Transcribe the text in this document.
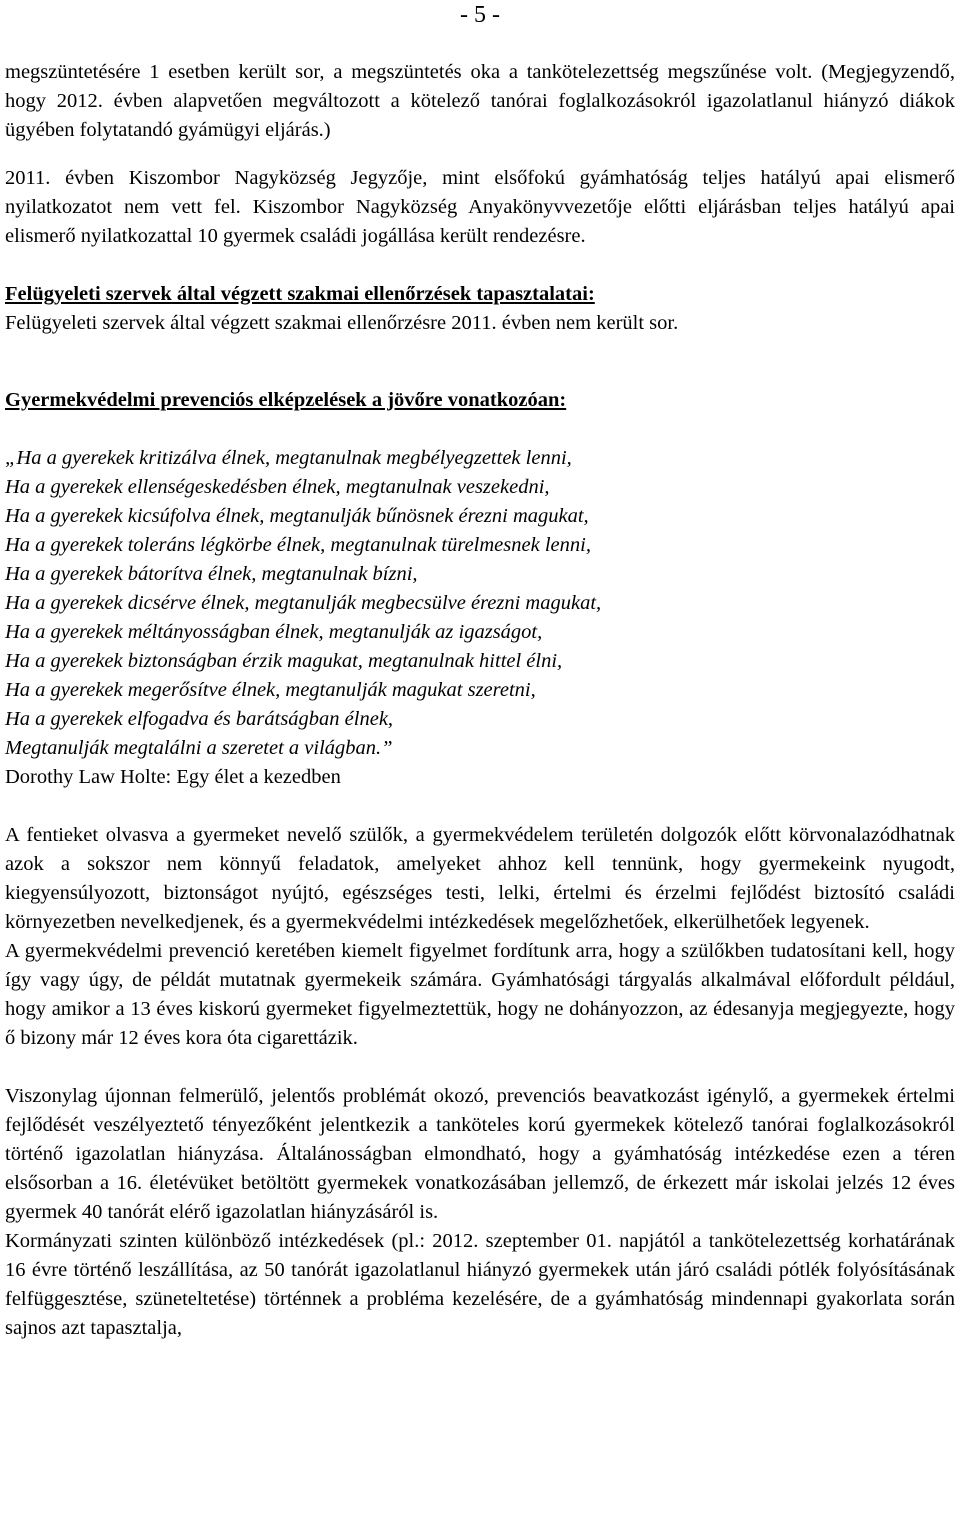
- 5 -

megszüntetésére 1 esetben került sor, a megszüntetés oka a tankötelezettség megszűnése volt. (Megjegyzendő, hogy 2012. évben alapvetően megváltozott a kötelező tanórai foglalkozásokról igazolatlanul hiányzó diákok ügyében folytatandó gyámügyi eljárás.)

2011. évben Kiszombor Nagyközség Jegyzője, mint elsőfokú gyámhatóság teljes hatályú apai elismerő nyilatkozatot nem vett fel. Kiszombor Nagyközség Anyakönyvvezetője előtti eljárásban teljes hatályú apai elismerő nyilatkozattal 10 gyermek családi jogállása került rendezésre.

Felügyeleti szervek által végzett szakmai ellenőrzések tapasztalatai:

Felügyeleti szervek által végzett szakmai ellenőrzésre 2011. évben nem került sor.

Gyermekvédelmi prevenciós elképzelések a jövőre vonatkozóan:

„Ha a gyerekek kritizálva élnek, megtanulnak megbélyegzettek lenni,

Ha a gyerekek ellenségeskedésben élnek, megtanulnak veszekedni,

Ha a gyerekek kicsúfolva élnek, megtanulják bűnösnek érezni magukat,

Ha a gyerekek toleráns légkörbe élnek, megtanulnak türelmesnek lenni,

Ha a gyerekek bátorítva élnek, megtanulnak bízni,

Ha a gyerekek dicsérve élnek, megtanulják megbecsülve érezni magukat,

Ha a gyerekek méltányosságban élnek, megtanulják az igazságot,

Ha a gyerekek biztonságban érzik magukat, megtanulnak hittel élni,

Ha a gyerekek megerősítve élnek, megtanulják magukat szeretni,

Ha a gyerekek elfogadva és barátságban élnek,

Megtanulják megtalálni a szeretet a világban.”

Dorothy Law Holte: Egy élet a kezedben

A fentieket olvasva a gyermeket nevelő szülők, a gyermekvédelem területén dolgozók előtt körvonalazódhatnak azok a sokszor nem könnyű feladatok, amelyeket ahhoz kell tennünk, hogy gyermekeink nyugodt, kiegyensúlyozott, biztonságot nyújtó, egészséges testi, lelki, értelmi és érzelmi fejlődést biztosító családi környezetben nevelkedjenek, és a gyermekvédelmi intézkedések megelőzhetőek, elkerülhetőek legyenek.

A gyermekvédelmi prevenció keretében kiemelt figyelmet fordítunk arra, hogy a szülőkben tudatosítani kell, hogy így vagy úgy, de példát mutatnak gyermekeik számára. Gyámhatósági tárgyalás alkalmával előfordult például, hogy amikor a 13 éves kiskorú gyermeket figyelmeztettük, hogy ne dohányozzon, az édesanyja megjegyezte, hogy ő bizony már 12 éves kora óta cigarettázik.

Viszonylag újonnan felmerülő, jelentős problémát okozó, prevenciós beavatkozást igénylő, a gyermekek értelmi fejlődését veszélyeztető tényezőként jelentkezik a tanköteles korú gyermekek kötelező tanórai foglalkozásokról történő igazolatlan hiányzása. Általánosságban elmondható, hogy a gyámhatóság intézkedése ezen a téren elsősorban a 16. életévüket betöltött gyermekek vonatkozásában jellemző, de érkezett már iskolai jelzés 12 éves gyermek 40 tanórát elérő igazolatlan hiányzásáról is.

Kormányzati szinten különböző intézkedések (pl.: 2012. szeptember 01. napjától a tankötelezettség korhatárának 16 évre történő leszállítása, az 50 tanórát igazolatlanul hiányzó gyermekek után járó családi pótlék folyósításának felfüggesztése, szüneteltetése) történnek a probléma kezelésére, de a gyámhatóság mindennapi gyakorlata során sajnos azt tapasztalja,
